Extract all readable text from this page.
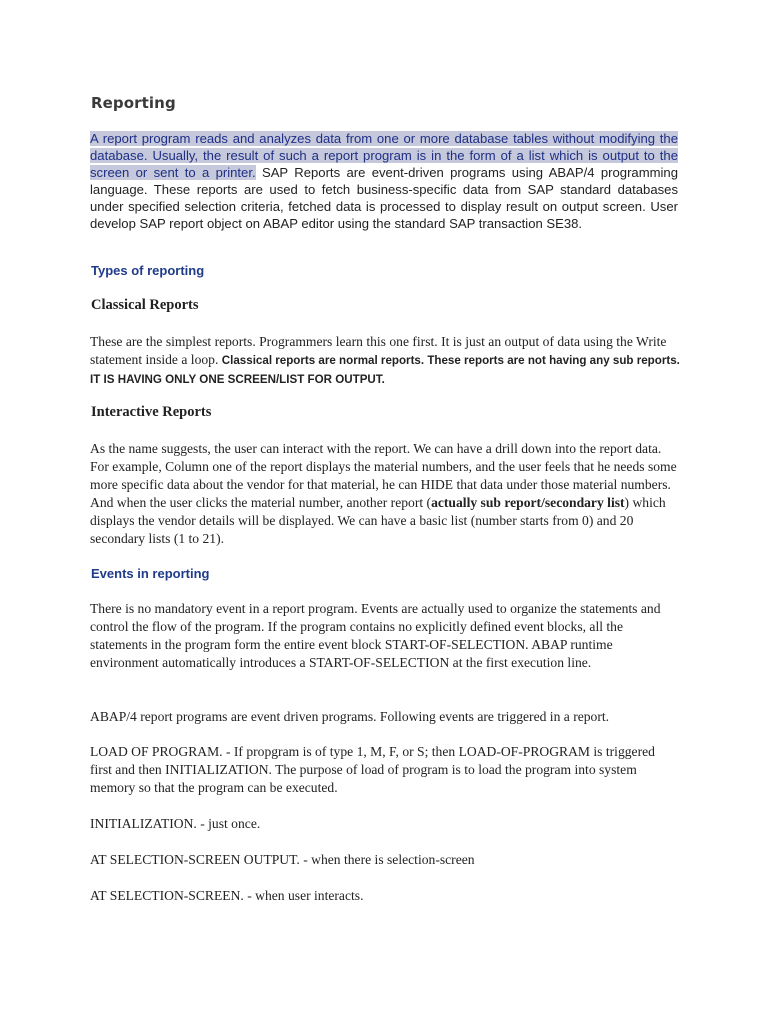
Reporting
A report program reads and analyzes data from one or more database tables without modifying the database. Usually, the result of such a report program is in the form of a list which is output to the screen or sent to a printer. SAP Reports are event-driven programs using ABAP/4 programming language. These reports are used to fetch business-specific data from SAP standard databases under specified selection criteria, fetched data is processed to display result on output screen. User develop SAP report object on ABAP editor using the standard SAP transaction SE38.
Types of reporting
Classical Reports
These are the simplest reports. Programmers learn this one first. It is just an output of data using the Write statement inside a loop. Classical reports are normal reports. These reports are not having any sub reports. IT IS HAVING ONLY ONE SCREEN/LIST FOR OUTPUT.
Interactive Reports
As the name suggests, the user can interact with the report. We can have a drill down into the report data. For example, Column one of the report displays the material numbers, and the user feels that he needs some more specific data about the vendor for that material, he can HIDE that data under those material numbers. And when the user clicks the material number, another report (actually sub report/secondary list) which displays the vendor details will be displayed. We can have a basic list (number starts from 0) and 20 secondary lists (1 to 21).
Events in reporting
There is no mandatory event in a report program. Events are actually used to organize the statements and control the flow of the program. If the program contains no explicitly defined event blocks, all the statements in the program form the entire event block START-OF-SELECTION. ABAP runtime environment automatically introduces a START-OF-SELECTION at the first execution line.
ABAP/4 report programs are event driven programs. Following events are triggered in a report.
LOAD OF PROGRAM. - If propgram is of type 1, M, F, or S; then LOAD-OF-PROGRAM is triggered first and then INITIALIZATION. The purpose of load of program is to load the program into system memory so that the program can be executed.
INITIALIZATION. - just once.
AT SELECTION-SCREEN OUTPUT. - when there is selection-screen
AT SELECTION-SCREEN. - when user interacts.
